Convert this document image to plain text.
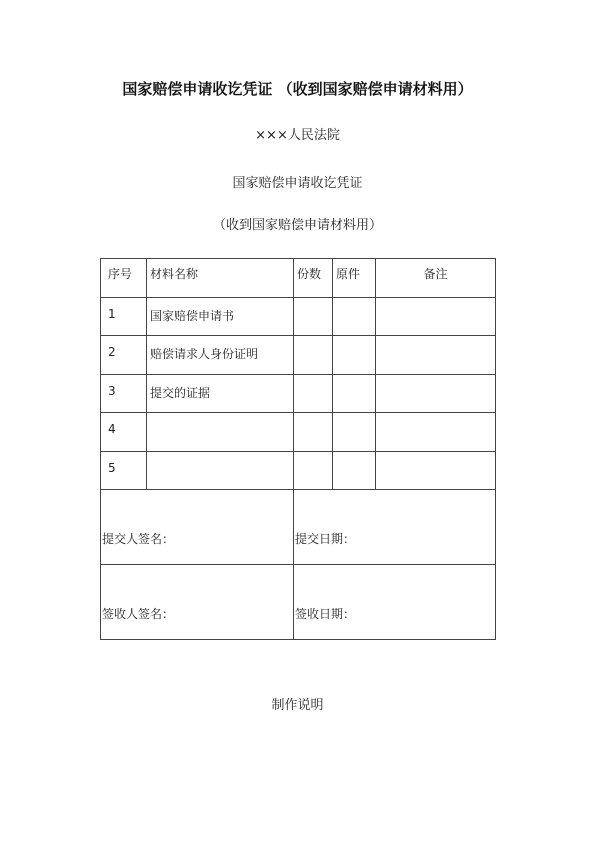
国家赔偿申请收讫凭证 （收到国家赔偿申请材料用）
×××人民法院
国家赔偿申请收讫凭证
（收到国家赔偿申请材料用）
序号	材料名称	份数	原件	备注
1	国家赔偿申请书			
2	赔偿请求人身份证明			
3	提交的证据			
4				
5				
提交人签名：		提交日期：		
签收人签名：		签收日期：		
制作说明
